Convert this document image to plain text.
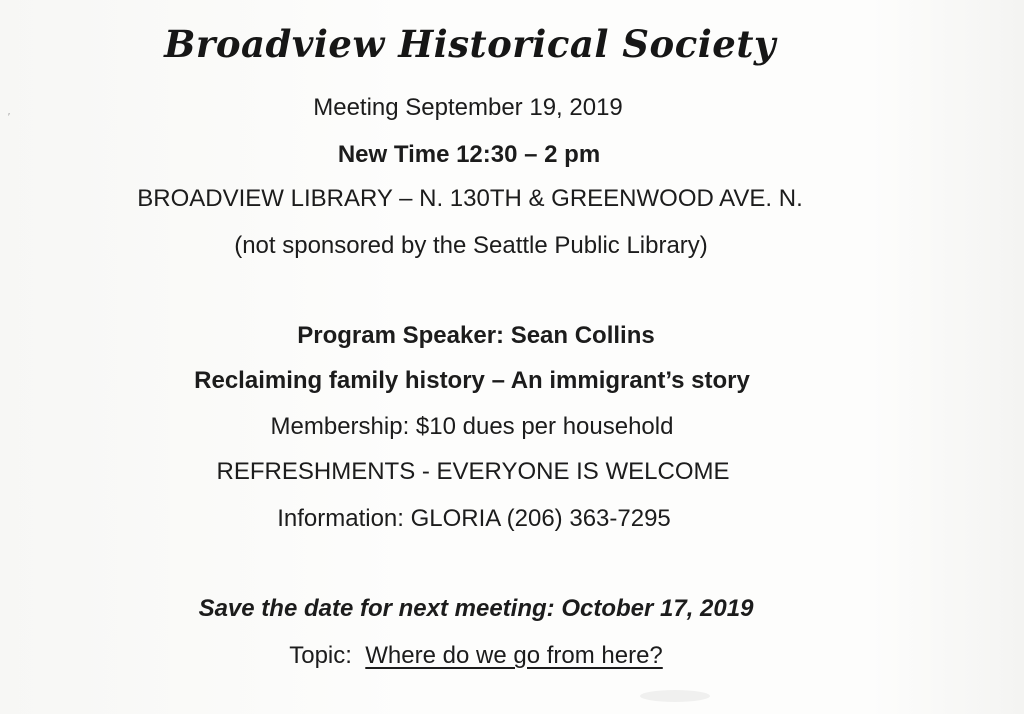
′
Broadview Historical Society
Meeting September 19, 2019
New Time 12:30 – 2 pm
BROADVIEW LIBRARY – N. 130TH & GREENWOOD AVE. N.
(not sponsored by the Seattle Public Library)
Program Speaker: Sean Collins
Reclaiming family history – An immigrant’s story
Membership: $10 dues per household
REFRESHMENTS - EVERYONE IS WELCOME
Information: GLORIA (206) 363-7295
Save the date for next meeting: October 17, 2019
Topic: Where do we go from here?
